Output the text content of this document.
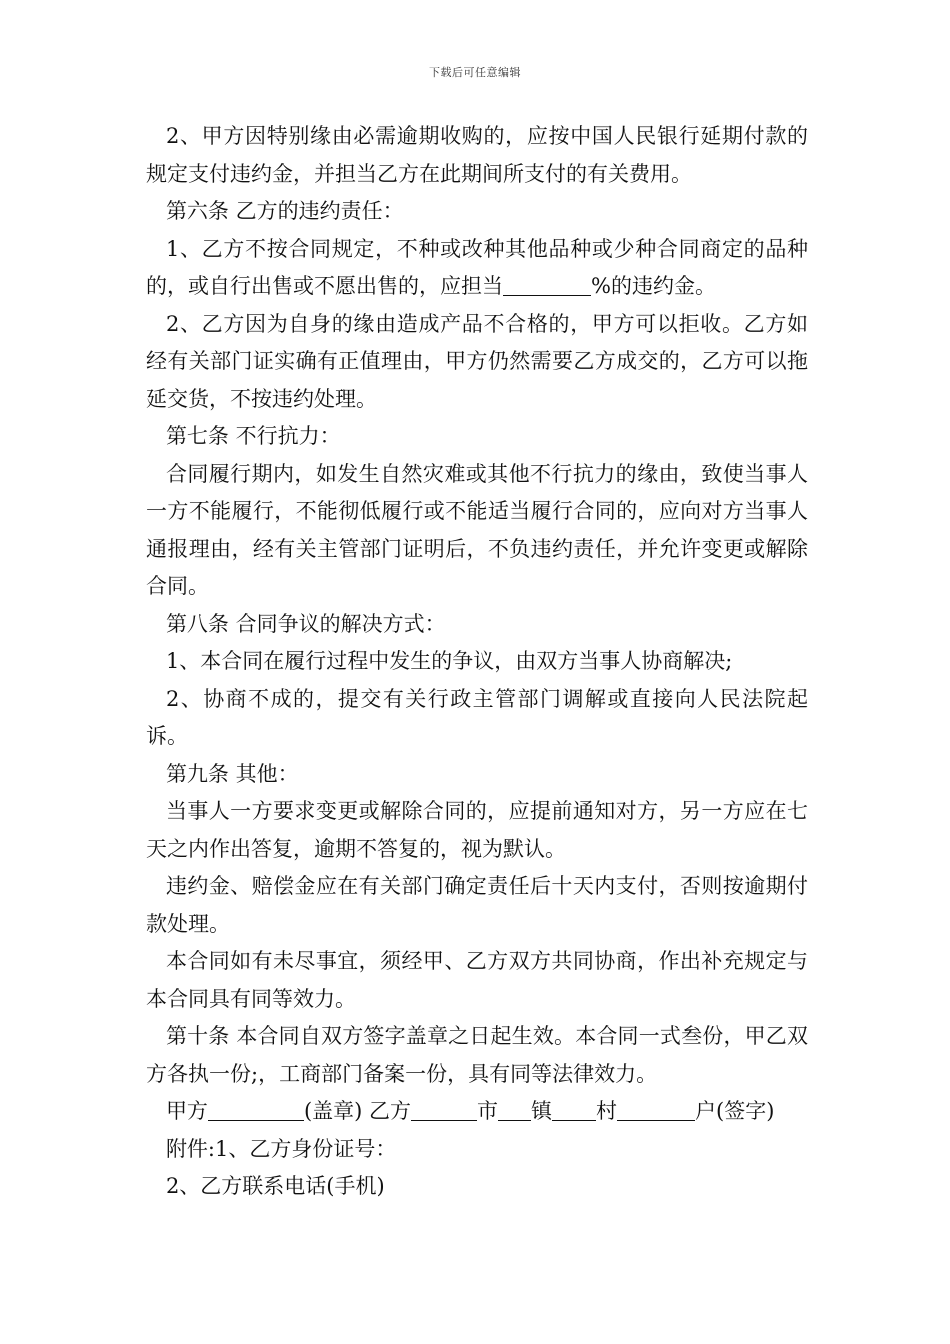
下载后可任意编辑

2、甲方因特别缘由必需逾期收购的，应按中国人民银行延期付款的规定支付违约金，并担当乙方在此期间所支付的有关费用。

第六条 乙方的违约责任：

1、乙方不按合同规定，不种或改种其他品种或少种合同商定的品种的，或自行出售或不愿出售的，应担当	%的违约金。

2、乙方因为自身的缘由造成产品不合格的，甲方可以拒收。乙方如经有关部门证实确有正值理由，甲方仍然需要乙方成交的，乙方可以拖延交货，不按违约处理。

第七条 不行抗力：

合同履行期内，如发生自然灾难或其他不行抗力的缘由，致使当事人一方不能履行，不能彻低履行或不能适当履行合同的，应向对方当事人通报理由，经有关主管部门证明后，不负违约责任，并允许变更或解除合同。

第八条 合同争议的解决方式：

1、本合同在履行过程中发生的争议，由双方当事人协商解决;

2、协商不成的，提交有关行政主管部门调解或直接向人民法院起诉。

第九条 其他：

当事人一方要求变更或解除合同的，应提前通知对方，另一方应在七天之内作出答复，逾期不答复的，视为默认。

违约金、赔偿金应在有关部门确定责任后十天内支付，否则按逾期付款处理。

本合同如有未尽事宜，须经甲、乙方双方共同协商，作出补充规定与本合同具有同等效力。

第十条 本合同自双方签字盖章之日起生效。本合同一式叁份，甲乙双方各执一份;，工商部门备案一份，具有同等法律效力。

甲方	(盖章) 乙方	市 镇 村	户(签字)

附件:1、乙方身份证号：

2、乙方联系电话(手机)
